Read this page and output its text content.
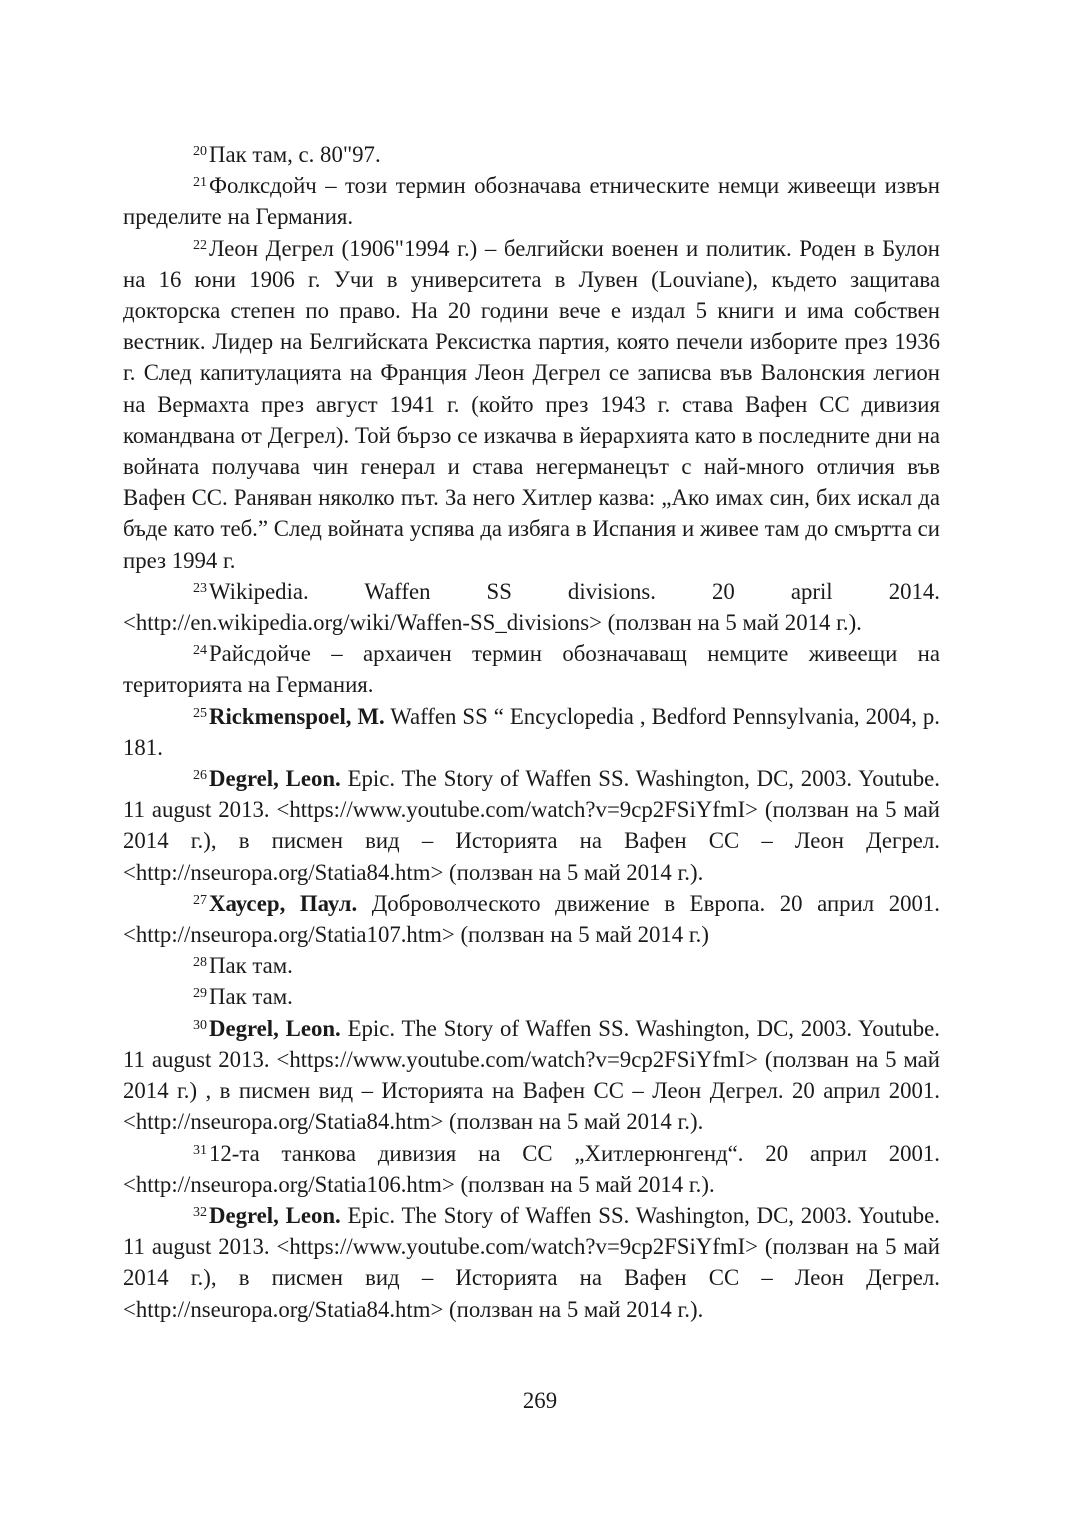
$^{20}$Пак там, с. 80"97.

$^{21}$Фолксдойч – този термин обозначава етническите немци живеещи извън пределите на Германия.

$^{22}$Леон Дегрел (1906"1994 г.) – белгийски военен и политик. Роден в Булон на 16 юни 1906 г. Учи в университета в Лувен (Louviane), където защитава докторска степен по право. На 20 години вече е издал 5 книги и има собствен вестник. Лидер на Белгийската Рексистка партия, която печели изборите през 1936 г. След капитулацията на Франция Леон Дегрел се записва във Валонския легион на Вермахта през август 1941 г. (който през 1943 г. става Вафен СС дивизия командвана от Дегрел). Той бързо се изкачва в йерархията като в последните дни на войната получава чин генерал и става негерманецът с най-много отличия във Вафен СС. Раняван няколко път. За него Хитлер казва: „Ако имах син, бих искал да бъде като теб.” След войната успява да избяга в Испания и живее там до смъртта си през 1994 г.

$^{23}$Wikipedia. Waffen SS divisions. 20 april 2014. <http://en.wikipedia.org/wiki/Waffen-SS_divisions> (ползван на 5 май 2014 г.).

$^{24}$Райсдойче – архаичен термин обозначаващ немците живеещи на територията на Германия.

$^{25}$Rickmenspoel, M. Waffen SS “ Encyclopedia , Bedford Pennsylvania, 2004, p. 181.

$^{26}$Degrel, Leon. Epic. The Story of Waffen SS. Washington, DC, 2003. Youtube. 11 august 2013. <https://www.youtube.com/watch?v=9cp2FSiYfmI> (ползван на 5 май 2014 г.), в писмен вид – Историята на Вафен СС – Леон Дегрел. <http://nseuropa.org/Statia84.htm> (ползван на 5 май 2014 г.).

$^{27}$Хаусер, Паул. Доброволческото движение в Европа. 20 април 2001. <http://nseuropa.org/Statia107.htm> (ползван на 5 май 2014 г.)

$^{28}$Пак там.

$^{29}$Пак там.

$^{30}$Degrel, Leon. Epic. The Story of Waffen SS. Washington, DC, 2003. Youtube. 11 august 2013. <https://www.youtube.com/watch?v=9cp2FSiYfmI> (ползван на 5 май 2014 г.) , в писмен вид – Историята на Вафен СС – Леон Дегрел. 20 април 2001. <http://nseuropa.org/Statia84.htm> (ползван на 5 май 2014 г.).

$^{31}$12-та танкова дивизия на СС „Хитлерюнгенд“. 20 април 2001. <http://nseuropa.org/Statia106.htm> (ползван на 5 май 2014 г.).

$^{32}$Degrel, Leon. Epic. The Story of Waffen SS. Washington, DC, 2003. Youtube. 11 august 2013. <https://www.youtube.com/watch?v=9cp2FSiYfmI> (ползван на 5 май 2014 г.), в писмен вид – Историята на Вафен СС – Леон Дегрел. <http://nseuropa.org/Statia84.htm> (ползван на 5 май 2014 г.).

269
